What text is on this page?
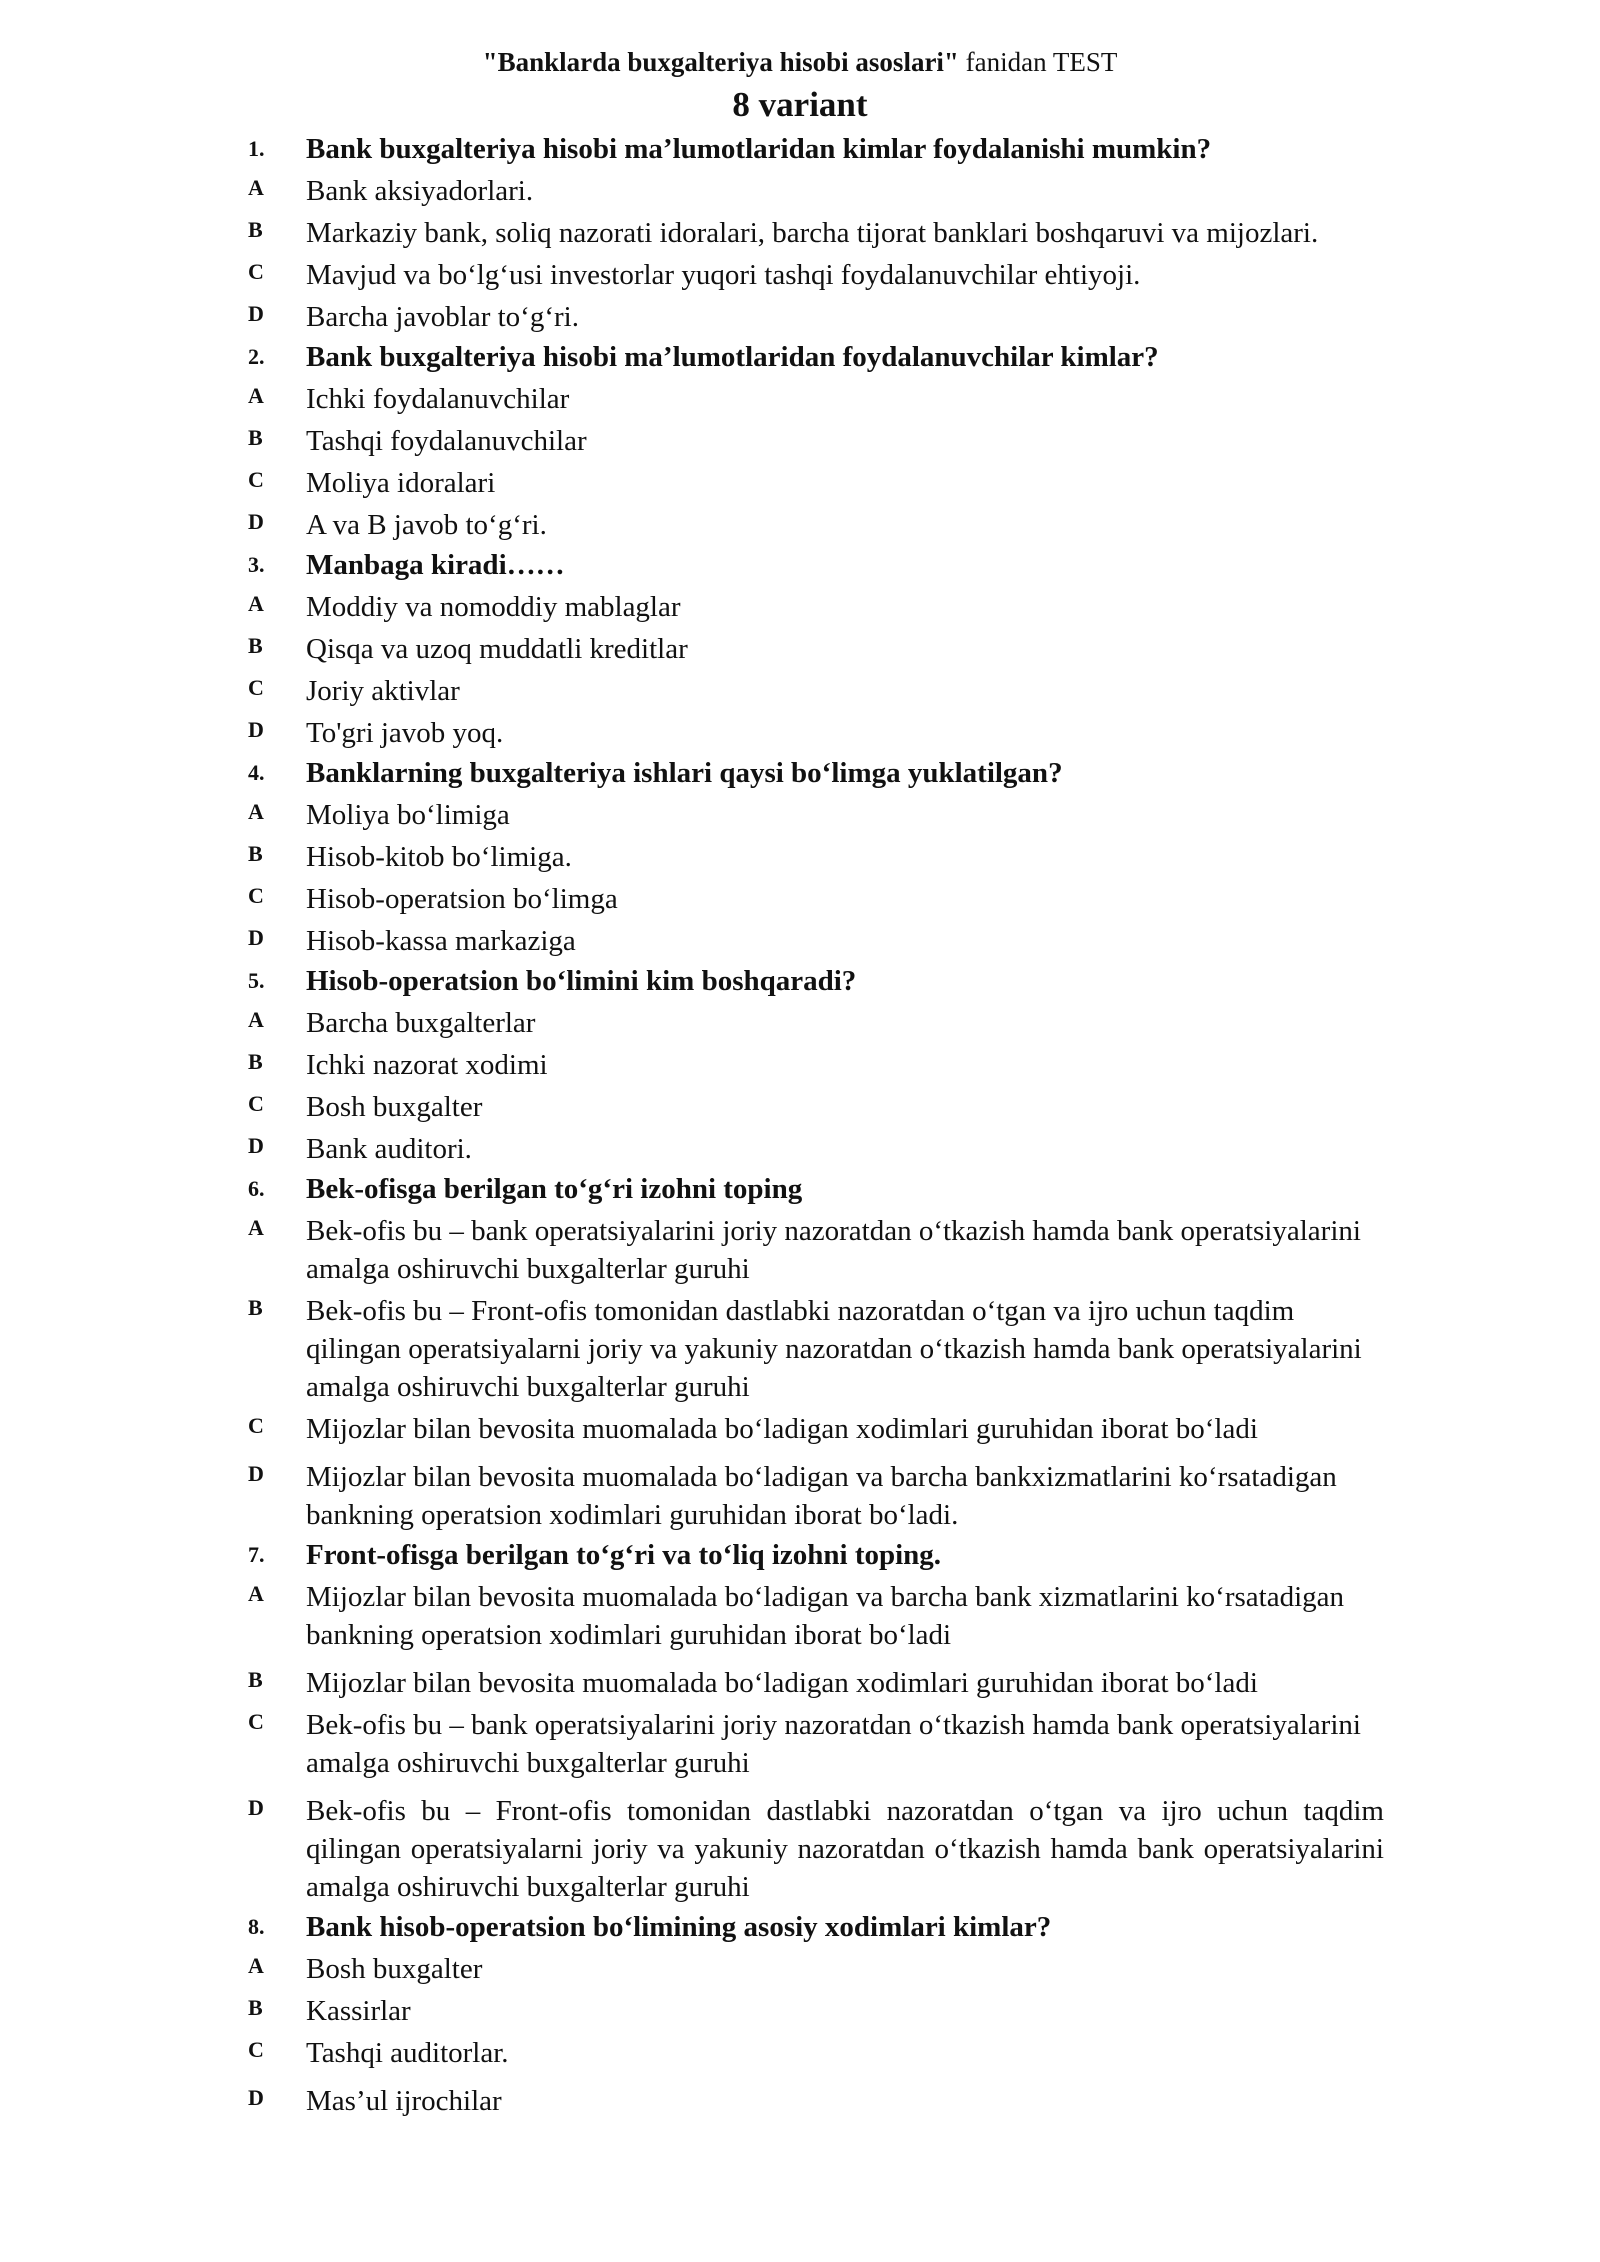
"Banklarda buxgalteriya hisobi asoslari" fanidan TEST
8 variant
1.	Bank buxgalteriya hisobi ma’lumotlaridan kimlar foydalanishi mumkin?
A	Bank aksiyadorlari.
B	Markaziy bank, soliq nazorati idoralari, barcha tijorat banklari boshqaruvi va mijozlari.
C	Mavjud va bo‘lg‘usi investorlar yuqori tashqi foydalanuvchilar ehtiyoji.
D	Barcha javoblar to‘g‘ri.
2.	Bank buxgalteriya hisobi ma’lumotlaridan foydalanuvchilar kimlar?
A	Ichki foydalanuvchilar
B	Tashqi foydalanuvchilar
C	Moliya idoralari
D	A va B javob to‘g‘ri.
3.	Manbaga kiradi……
A	Moddiy va nomoddiy mablaglar
B	Qisqa va uzoq muddatli kreditlar
C	Joriy aktivlar
D	To'gri javob yoq.
4.	Banklarning buxgalteriya ishlari qaysi bo‘limga yuklatilgan?
A	Moliya bo‘limiga
B	Hisob-kitob bo‘limiga.
C	Hisob-operatsion bo‘limga
D	Hisob-kassa markaziga
5.	Hisob-operatsion bo‘limini kim boshqaradi?
A	Barcha buxgalterlar
B	Ichki nazorat xodimi
C	Bosh buxgalter
D	Bank auditori.
6.	Bek-ofisga berilgan to‘g‘ri izohni toping
A	Bek-ofis bu – bank operatsiyalarini joriy nazoratdan o‘tkazish hamda bank operatsiyalarini amalga oshiruvchi buxgalterlar guruhi
B	Bek-ofis bu – Front-ofis tomonidan dastlabki nazoratdan o‘tgan va ijro uchun taqdim qilingan operatsiyalarni joriy va yakuniy nazoratdan o‘tkazish hamda bank operatsiyalarini amalga oshiruvchi buxgalterlar guruhi
C	Mijozlar bilan bevosita muomalada bo‘ladigan xodimlari guruhidan iborat bo‘ladi
D	Mijozlar bilan bevosita muomalada bo‘ladigan va barcha bankxizmatlarini ko‘rsatadigan bankning operatsion xodimlari guruhidan iborat bo‘ladi.
7.	Front-ofisga berilgan to‘g‘ri va to‘liq izohni toping.
A	Mijozlar bilan bevosita muomalada bo‘ladigan va barcha bank xizmatlarini ko‘rsatadigan bankning operatsion xodimlari guruhidan iborat bo‘ladi
B	Mijozlar bilan bevosita muomalada bo‘ladigan xodimlari guruhidan iborat bo‘ladi
C	Bek-ofis bu – bank operatsiyalarini joriy nazoratdan o‘tkazish hamda bank operatsiyalarini amalga oshiruvchi buxgalterlar guruhi
D	Bek-ofis bu – Front-ofis tomonidan dastlabki nazoratdan o‘tgan va ijro uchun taqdim qilingan operatsiyalarni joriy va yakuniy nazoratdan o‘tkazish hamda bank operatsiyalarini amalga oshiruvchi buxgalterlar guruhi
8.	Bank hisob-operatsion bo‘limining asosiy xodimlari kimlar?
A	Bosh buxgalter
B	Kassirlar
C	Tashqi auditorlar.
D	Mas’ul ijrochilar
